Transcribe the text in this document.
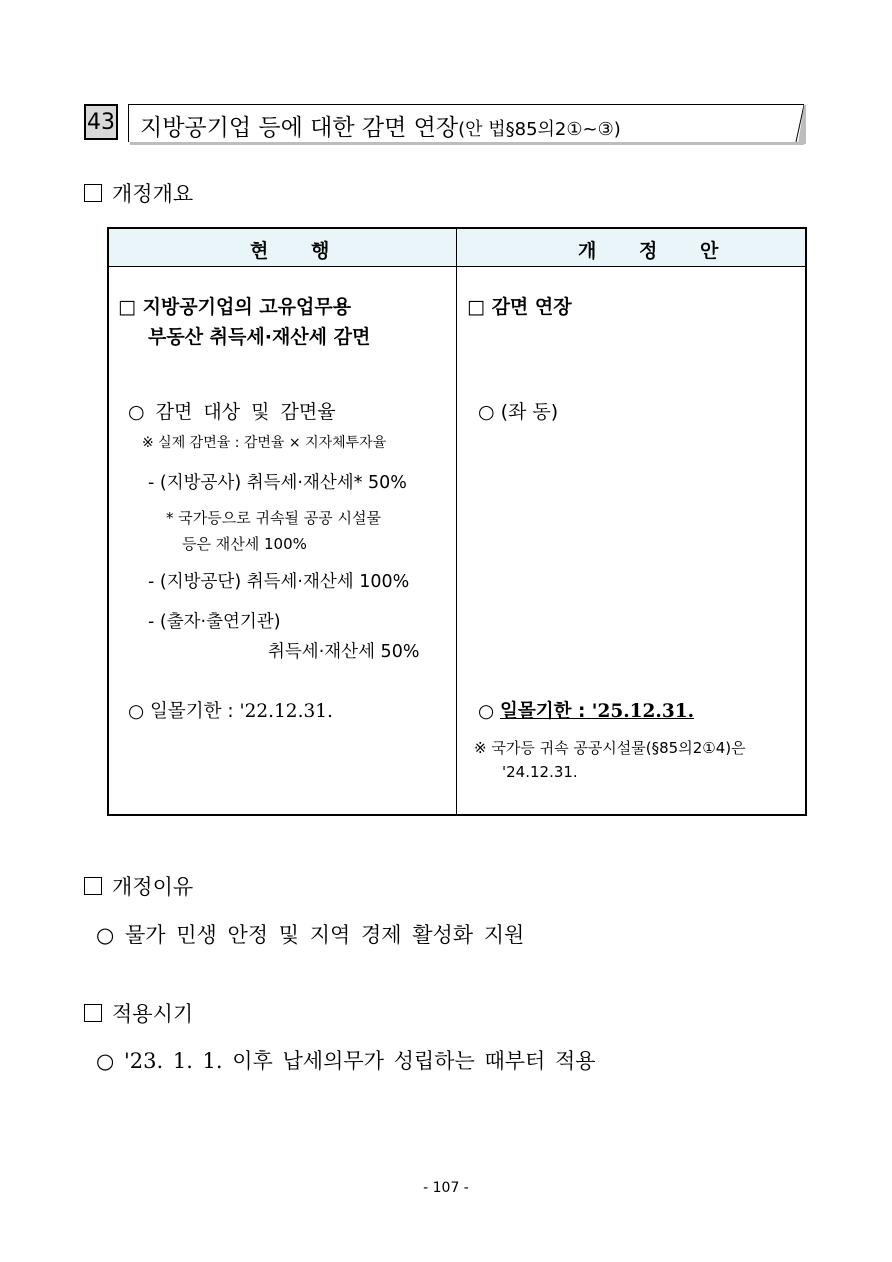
43 지방공기업 등에 대한 감면 연장(안 법§85의2①~③)
개정개요
현 행	개 정 안
□ 지방공기업의 고유업무용
부동산 취득세·재산세 감면
○ 감면 대상 및 감면율
※ 실제 감면율 : 감면율 × 지자체투자율
- (지방공사) 취득세·재산세* 50%
* 국가등으로 귀속될 공공 시설물
등은 재산세 100%
- (지방공단) 취득세·재산세 100%
- (출자·출연기관)
취득세·재산세 50%
○ 일몰기한 : '22.12.31.
□ 감면 연장
○ (좌 동)
○ 일몰기한 : '25.12.31.
※ 국가등 귀속 공공시설물(§85의2①4)은
'24.12.31.
개정이유
○ 물가 민생 안정 및 지역 경제 활성화 지원
적용시기
○ '23. 1. 1. 이후 납세의무가 성립하는 때부터 적용
- 107 -
